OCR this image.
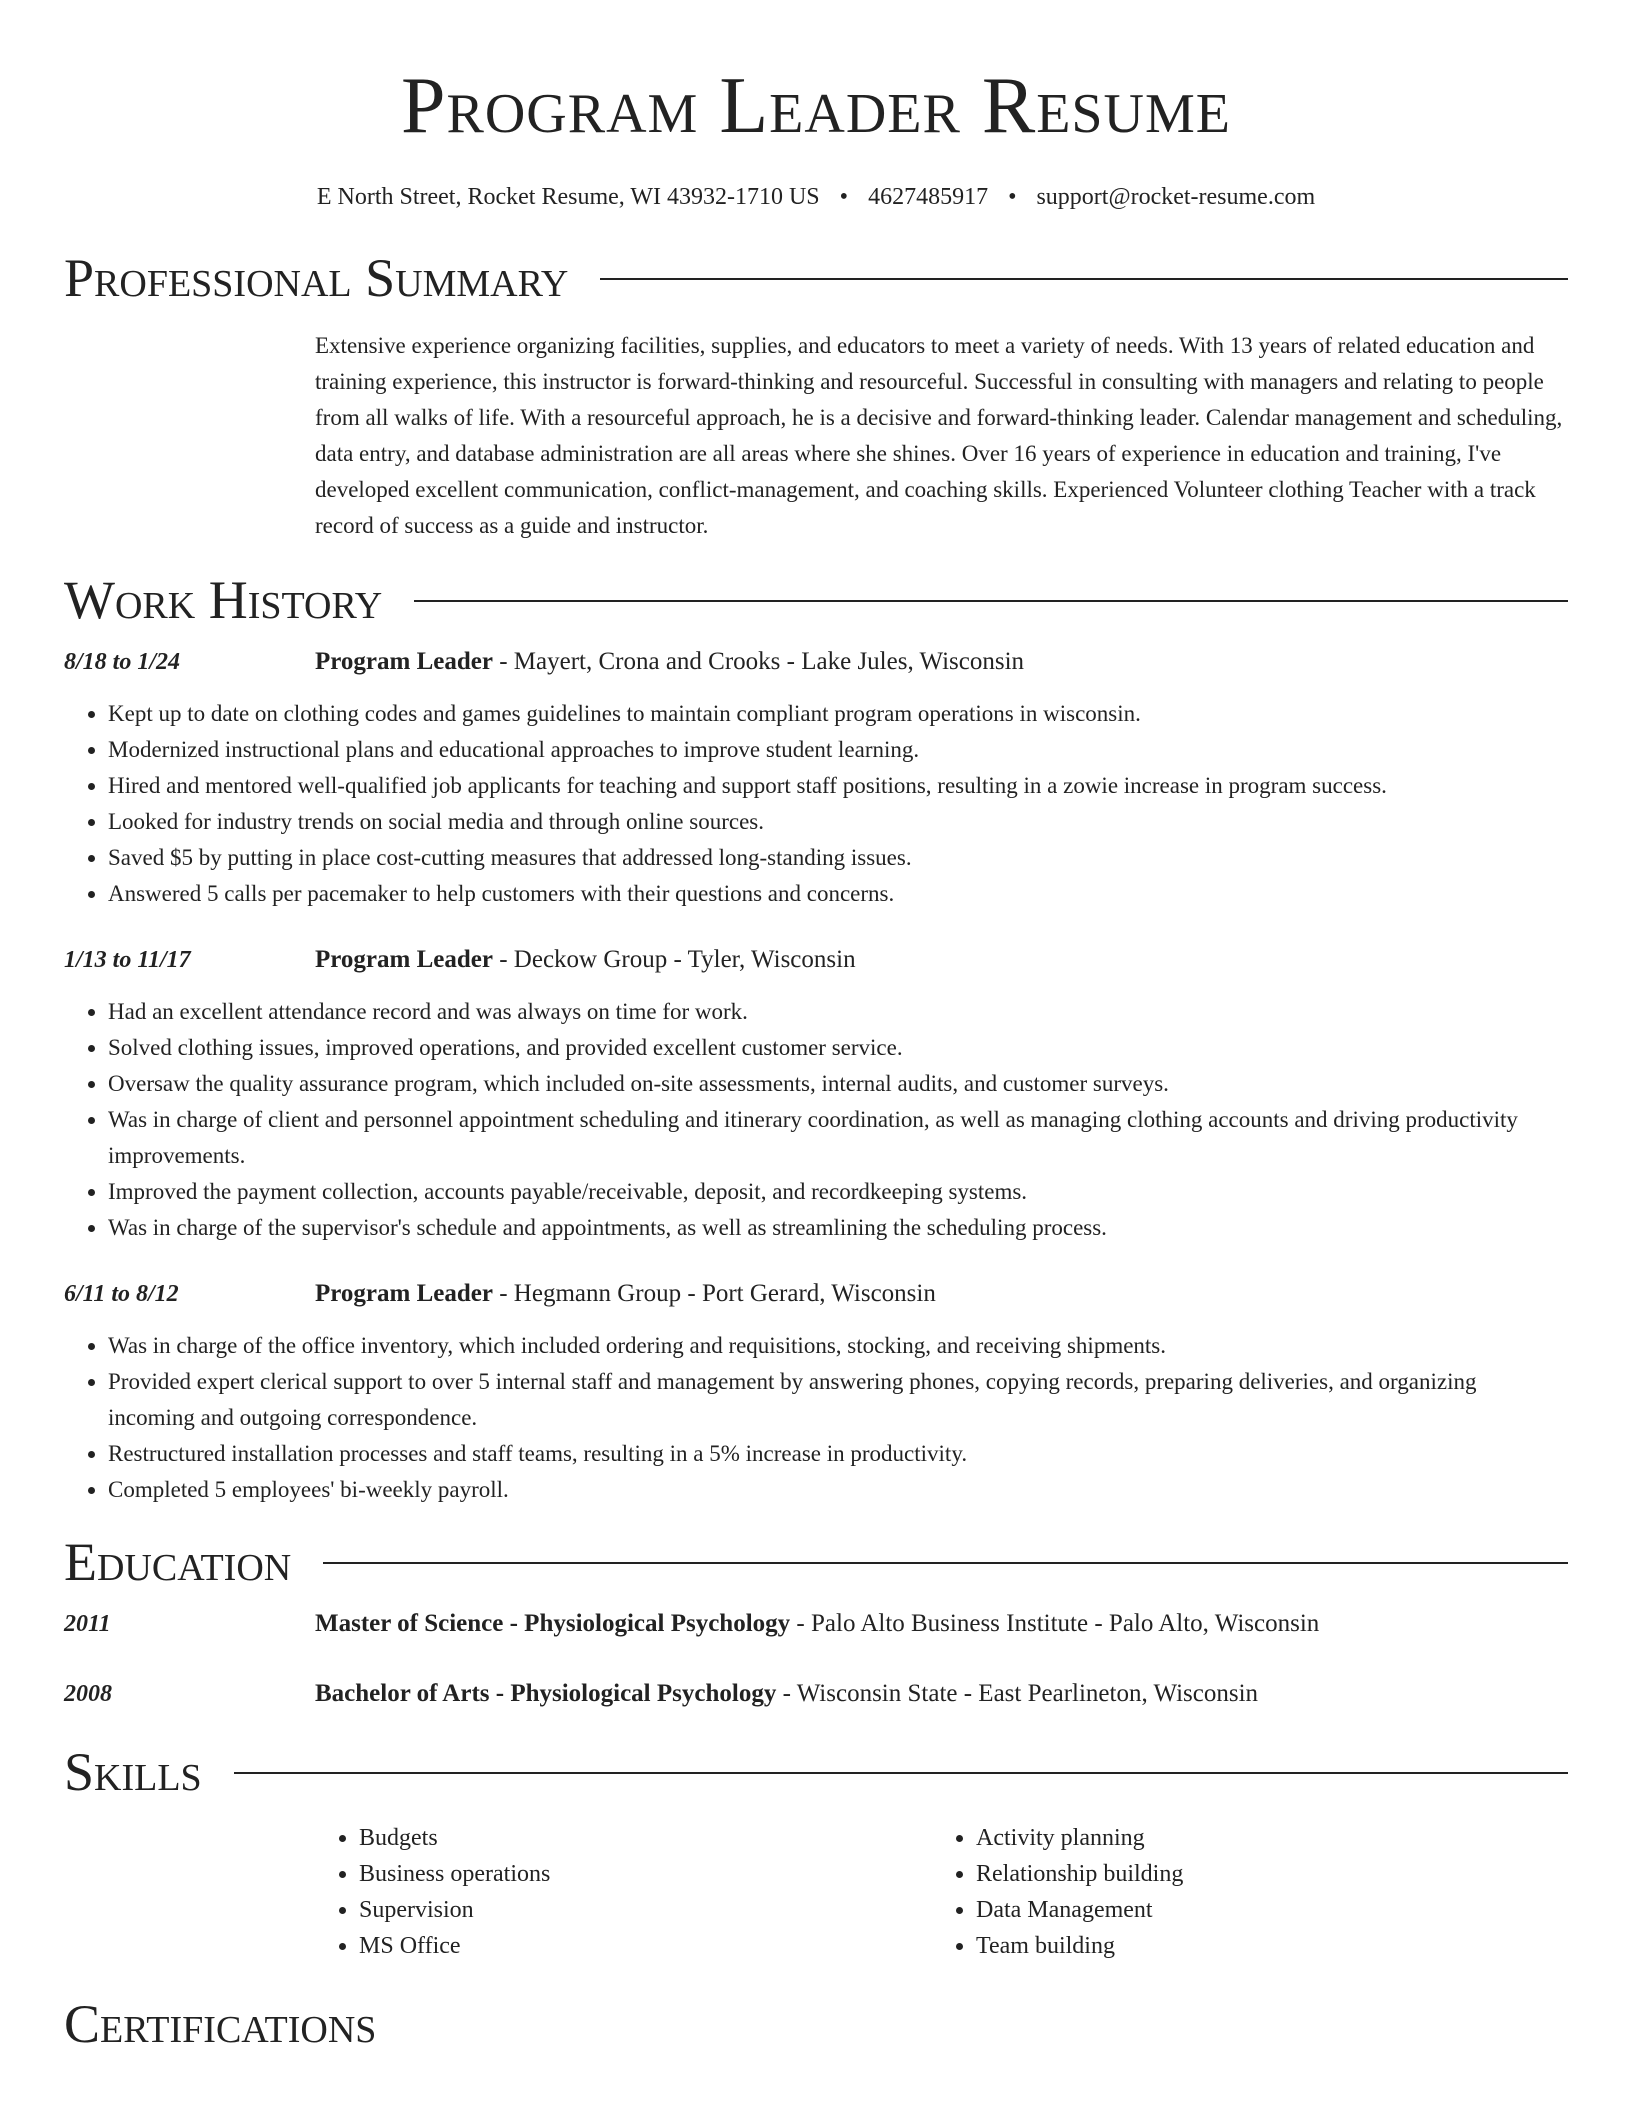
Program Leader Resume
E North Street, Rocket Resume, WI 43932-1710 US • 4627485917 • support@rocket-resume.com
Professional Summary
Extensive experience organizing facilities, supplies, and educators to meet a variety of needs. With 13 years of related education and training experience, this instructor is forward-thinking and resourceful. Successful in consulting with managers and relating to people from all walks of life. With a resourceful approach, he is a decisive and forward-thinking leader. Calendar management and scheduling, data entry, and database administration are all areas where she shines. Over 16 years of experience in education and training, I've developed excellent communication, conflict-management, and coaching skills. Experienced Volunteer clothing Teacher with a track record of success as a guide and instructor.
Work History
8/18 to 1/24	Program Leader - Mayert, Crona and Crooks - Lake Jules, Wisconsin
• Kept up to date on clothing codes and games guidelines to maintain compliant program operations in wisconsin.
• Modernized instructional plans and educational approaches to improve student learning.
• Hired and mentored well-qualified job applicants for teaching and support staff positions, resulting in a zowie increase in program success.
• Looked for industry trends on social media and through online sources.
• Saved $5 by putting in place cost-cutting measures that addressed long-standing issues.
• Answered 5 calls per pacemaker to help customers with their questions and concerns.
1/13 to 11/17	Program Leader - Deckow Group - Tyler, Wisconsin
• Had an excellent attendance record and was always on time for work.
• Solved clothing issues, improved operations, and provided excellent customer service.
• Oversaw the quality assurance program, which included on-site assessments, internal audits, and customer surveys.
• Was in charge of client and personnel appointment scheduling and itinerary coordination, as well as managing clothing accounts and driving productivity improvements.
• Improved the payment collection, accounts payable/receivable, deposit, and recordkeeping systems.
• Was in charge of the supervisor's schedule and appointments, as well as streamlining the scheduling process.
6/11 to 8/12	Program Leader - Hegmann Group - Port Gerard, Wisconsin
• Was in charge of the office inventory, which included ordering and requisitions, stocking, and receiving shipments.
• Provided expert clerical support to over 5 internal staff and management by answering phones, copying records, preparing deliveries, and organizing incoming and outgoing correspondence.
• Restructured installation processes and staff teams, resulting in a 5% increase in productivity.
• Completed 5 employees' bi-weekly payroll.
Education
2011	Master of Science - Physiological Psychology - Palo Alto Business Institute - Palo Alto, Wisconsin
2008	Bachelor of Arts - Physiological Psychology - Wisconsin State - East Pearlineton, Wisconsin
Skills
• Budgets
• Business operations
• Supervision
• MS Office
• Activity planning
• Relationship building
• Data Management
• Team building
Certifications
